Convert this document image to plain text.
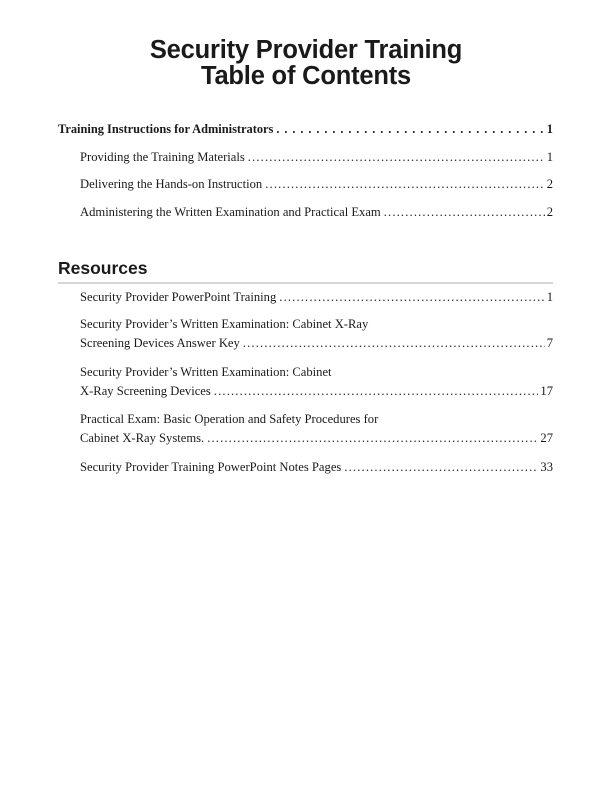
Security Provider Training
Table of Contents
Training Instructions for Administrators . . .	1
Providing the Training Materials . . .	1
Delivering the Hands-on Instruction . . .	2
Administering the Written Examination and Practical Exam . . .	2
Resources
Security Provider PowerPoint Training . . .	1
Security Provider’s Written Examination: Cabinet X-Ray
Screening Devices Answer Key . . .	7
Security Provider’s Written Examination: Cabinet
X-Ray Screening Devices . . .	17
Practical Exam: Basic Operation and Safety Procedures for
Cabinet X-Ray Systems. . . .	27
Security Provider Training PowerPoint Notes Pages . . .	33
